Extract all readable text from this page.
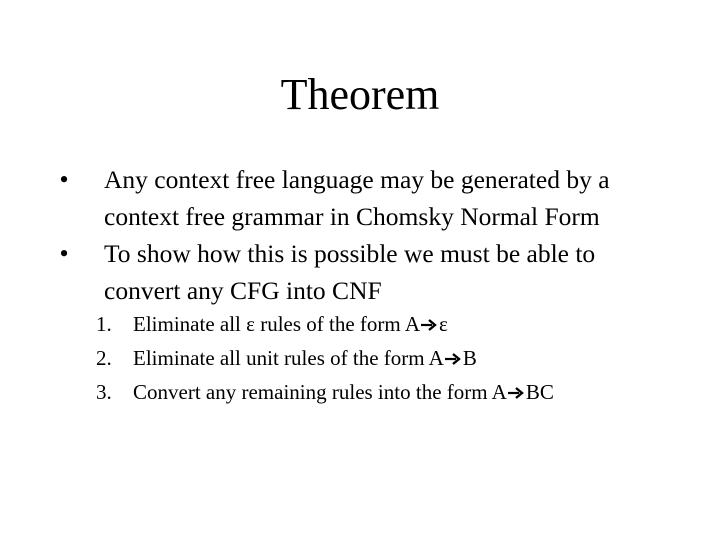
Theorem
• Any context free language may be generated by a context free grammar in Chomsky Normal Form
• To show how this is possible we must be able to convert any CFG into CNF
1. Eliminate all ε rules of the form A ε
2. Eliminate all unit rules of the form A B
3. Convert any remaining rules into the form A BC
